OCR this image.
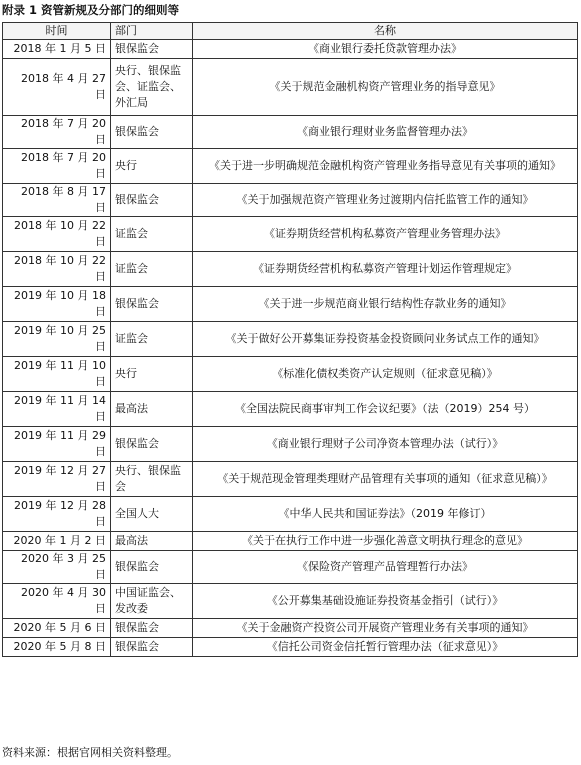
附录 1 资管新规及分部门的细则等
时间	部门	名称
2018 年 1 月 5 日	银保监会	《商业银行委托贷款管理办法》
2018 年 4 月 27 日	央行、银保监会、证监会、外汇局	《关于规范金融机构资产管理业务的指导意见》
2018 年 7 月 20 日	银保监会	《商业银行理财业务监督管理办法》
2018 年 7 月 20 日	央行	《关于进一步明确规范金融机构资产管理业务指导意见有关事项的通知》
2018 年 8 月 17 日	银保监会	《关于加强规范资产管理业务过渡期内信托监管工作的通知》
2018 年 10 月 22 日	证监会	《证券期货经营机构私募资产管理业务管理办法》
2018 年 10 月 22 日	证监会	《证券期货经营机构私募资产管理计划运作管理规定》
2019 年 10 月 18 日	银保监会	《关于进一步规范商业银行结构性存款业务的通知》
2019 年 10 月 25 日	证监会	《关于做好公开募集证券投资基金投资顾问业务试点工作的通知》
2019 年 11 月 10 日	央行	《标准化债权类资产认定规则（征求意见稿）》
2019 年 11 月 14 日	最高法	《全国法院民商事审判工作会议纪要》（法（2019）254 号）
2019 年 11 月 29 日	银保监会	《商业银行理财子公司净资本管理办法（试行）》
2019 年 12 月 27 日	央行、银保监会	《关于规范现金管理类理财产品管理有关事项的通知（征求意见稿）》
2019 年 12 月 28 日	全国人大	《中华人民共和国证券法》（2019 年修订）
2020 年 1 月 2 日	最高法	《关于在执行工作中进一步强化善意文明执行理念的意见》
2020 年 3 月 25 日	银保监会	《保险资产管理产品管理暂行办法》
2020 年 4 月 30 日	中国证监会、发改委	《公开募集基础设施证券投资基金指引（试行）》
2020 年 5 月 6 日	银保监会	《关于金融资产投资公司开展资产管理业务有关事项的通知》
2020 年 5 月 8 日	银保监会	《信托公司资金信托暂行管理办法（征求意见）》
资料来源：根据官网相关资料整理。
